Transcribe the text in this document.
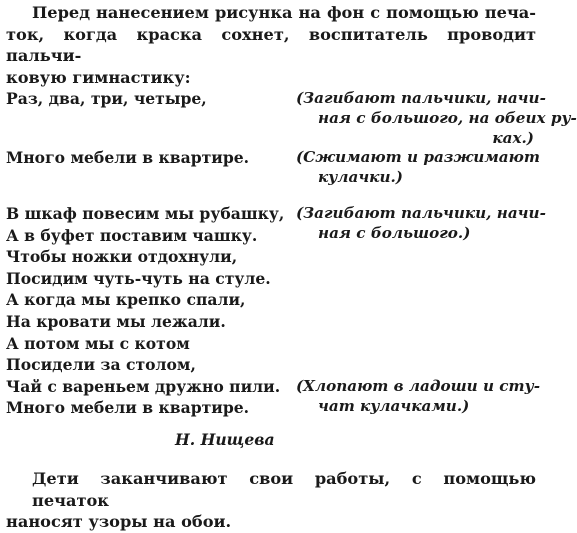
Перед нанесением рисунка на фон с помощью печа-
ток, когда краска сохнет, воспитатель проводит пальчи-
ковую гимнастику:
Раз, два, три, четыре,	(Загибают пальчики, начи-
ная с большого, на обеих ру-
ках.)
Много мебели в квартире.	(Сжимают и разжимают
кулачки.)
В шкаф повесим мы рубашку,
А в буфет поставим чашку.
Чтобы ножки отдохнули,
Посидим чуть-чуть на стуле.
А когда мы крепко спали,
На кровати мы лежали.
А потом мы с котом
Посидели за столом,
(Загибают пальчики, начи-
ная с большого.)
Чай с вареньем дружно пили.
Много мебели в квартире.
(Хлопают в ладоши и сту-
чат кулачками.)
Н. Нищева
Дети заканчивают свои работы, с помощью печаток
наносят узоры на обои.
